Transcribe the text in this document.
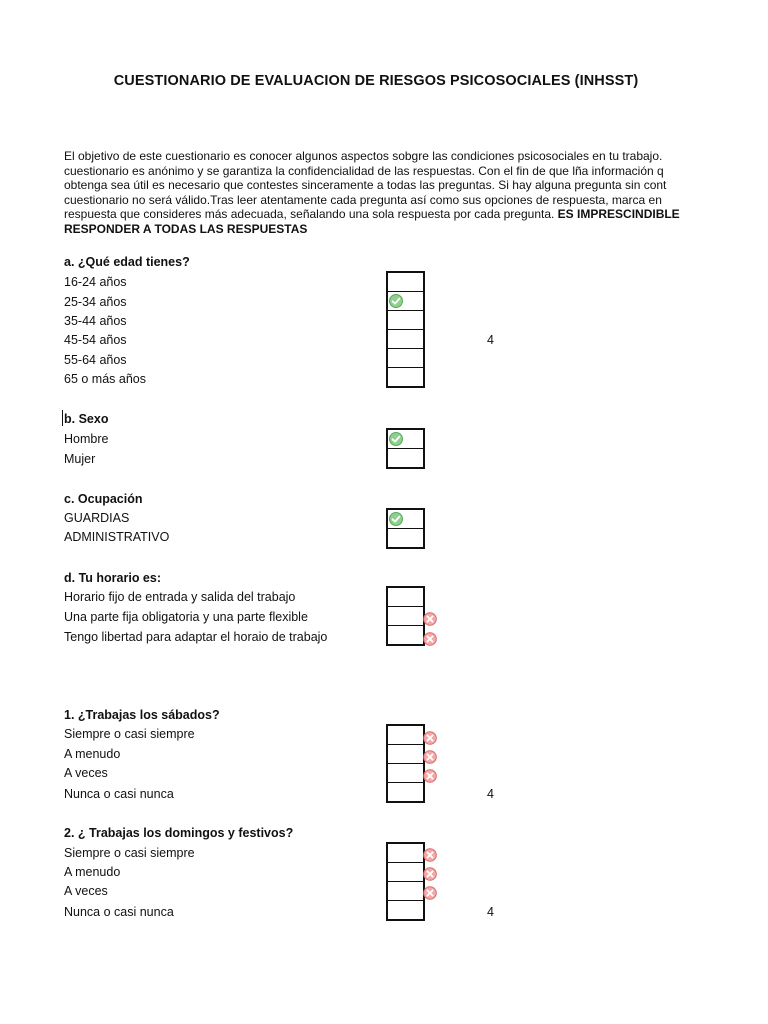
CUESTIONARIO DE EVALUACION DE RIESGOS PSICOSOCIALES (INHSST)
El objetivo de este cuestionario es conocer algunos aspectos sobgre las condiciones psicosociales en tu trabajo.
cuestionario es anónimo y se garantiza la confidencialidad de las respuestas. Con el fin de que lña información q
obtenga sea útil es necesario que contestes sinceramente a todas las preguntas. Si hay alguna pregunta sin cont
cuestionario no será válido.Tras leer atentamente cada pregunta así como sus opciones de respuesta, marca en
respuesta que consideres más adecuada, señalando una sola respuesta por cada pregunta. ES IMPRESCINDIBLE
RESPONDER A TODAS LAS RESPUESTAS
a. ¿Qué edad tienes?
16-24 años
25-34 años
35-44 años
45-54 años
55-64 años
65 o más años
4
b. Sexo
Hombre
Mujer
c. Ocupación
GUARDIAS
ADMINISTRATIVO
d. Tu horario es:
Horario fijo de entrada y salida del trabajo
Una parte fija obligatoria y una parte flexible
Tengo libertad para adaptar el horaio de trabajo
1. ¿Trabajas los sábados?
Siempre o casi siempre
A menudo
A veces
Nunca o casi nunca	4
2. ¿ Trabajas los domingos y festivos?
Siempre o casi siempre
A menudo
A veces
Nunca o casi nunca	4
